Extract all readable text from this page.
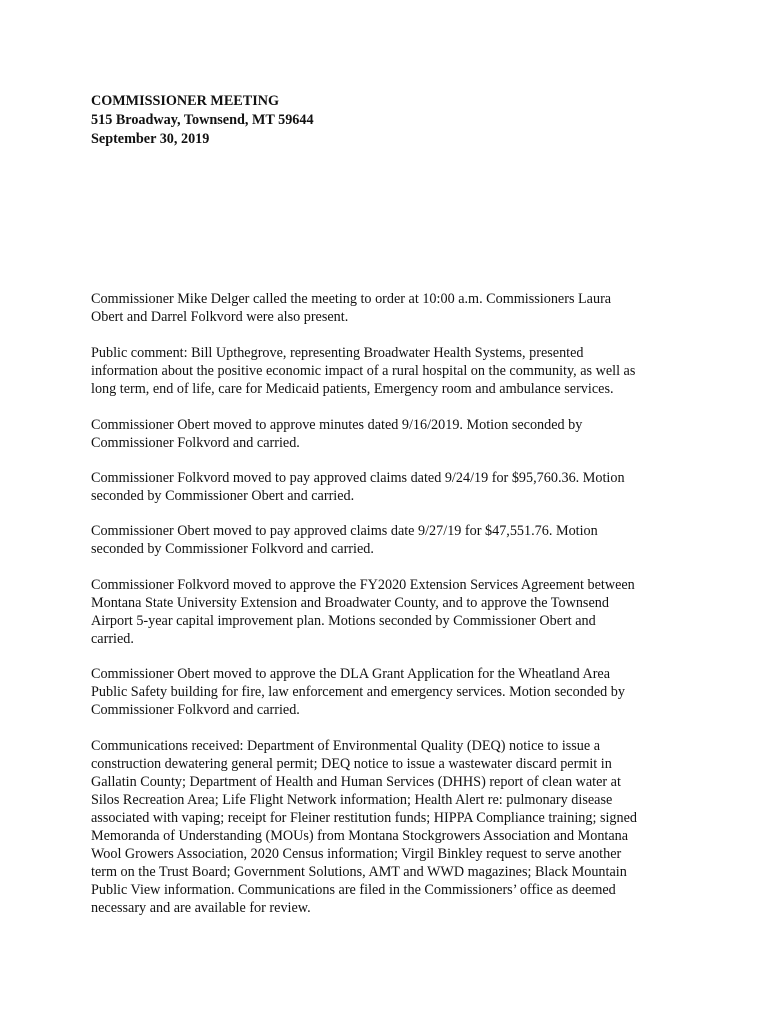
COMMISSIONER MEETING
515 Broadway, Townsend, MT 59644
September 30, 2019
Commissioner Mike Delger called the meeting to order at 10:00 a.m. Commissioners Laura
Obert and Darrel Folkvord were also present.
Public comment: Bill Upthegrove, representing Broadwater Health Systems, presented
information about the positive economic impact of a rural hospital on the community, as well as
long term, end of life, care for Medicaid patients, Emergency room and ambulance services.
Commissioner Obert moved to approve minutes dated 9/16/2019. Motion seconded by
Commissioner Folkvord and carried.
Commissioner Folkvord moved to pay approved claims dated 9/24/19 for $95,760.36. Motion
seconded by Commissioner Obert and carried.
Commissioner Obert moved to pay approved claims date 9/27/19 for $47,551.76. Motion
seconded by Commissioner Folkvord and carried.
Commissioner Folkvord moved to approve the FY2020 Extension Services Agreement between
Montana State University Extension and Broadwater County, and to approve the Townsend
Airport 5-year capital improvement plan. Motions seconded by Commissioner Obert and
carried.
Commissioner Obert moved to approve the DLA Grant Application for the Wheatland Area
Public Safety building for fire, law enforcement and emergency services. Motion seconded by
Commissioner Folkvord and carried.
Communications received: Department of Environmental Quality (DEQ) notice to issue a
construction dewatering general permit; DEQ notice to issue a wastewater discard permit in
Gallatin County; Department of Health and Human Services (DHHS) report of clean water at
Silos Recreation Area; Life Flight Network information; Health Alert re: pulmonary disease
associated with vaping; receipt for Fleiner restitution funds; HIPPA Compliance training; signed
Memoranda of Understanding (MOUs) from Montana Stockgrowers Association and Montana
Wool Growers Association, 2020 Census information; Virgil Binkley request to serve another
term on the Trust Board; Government Solutions, AMT and WWD magazines; Black Mountain
Public View information. Communications are filed in the Commissioners’ office as deemed
necessary and are available for review.
